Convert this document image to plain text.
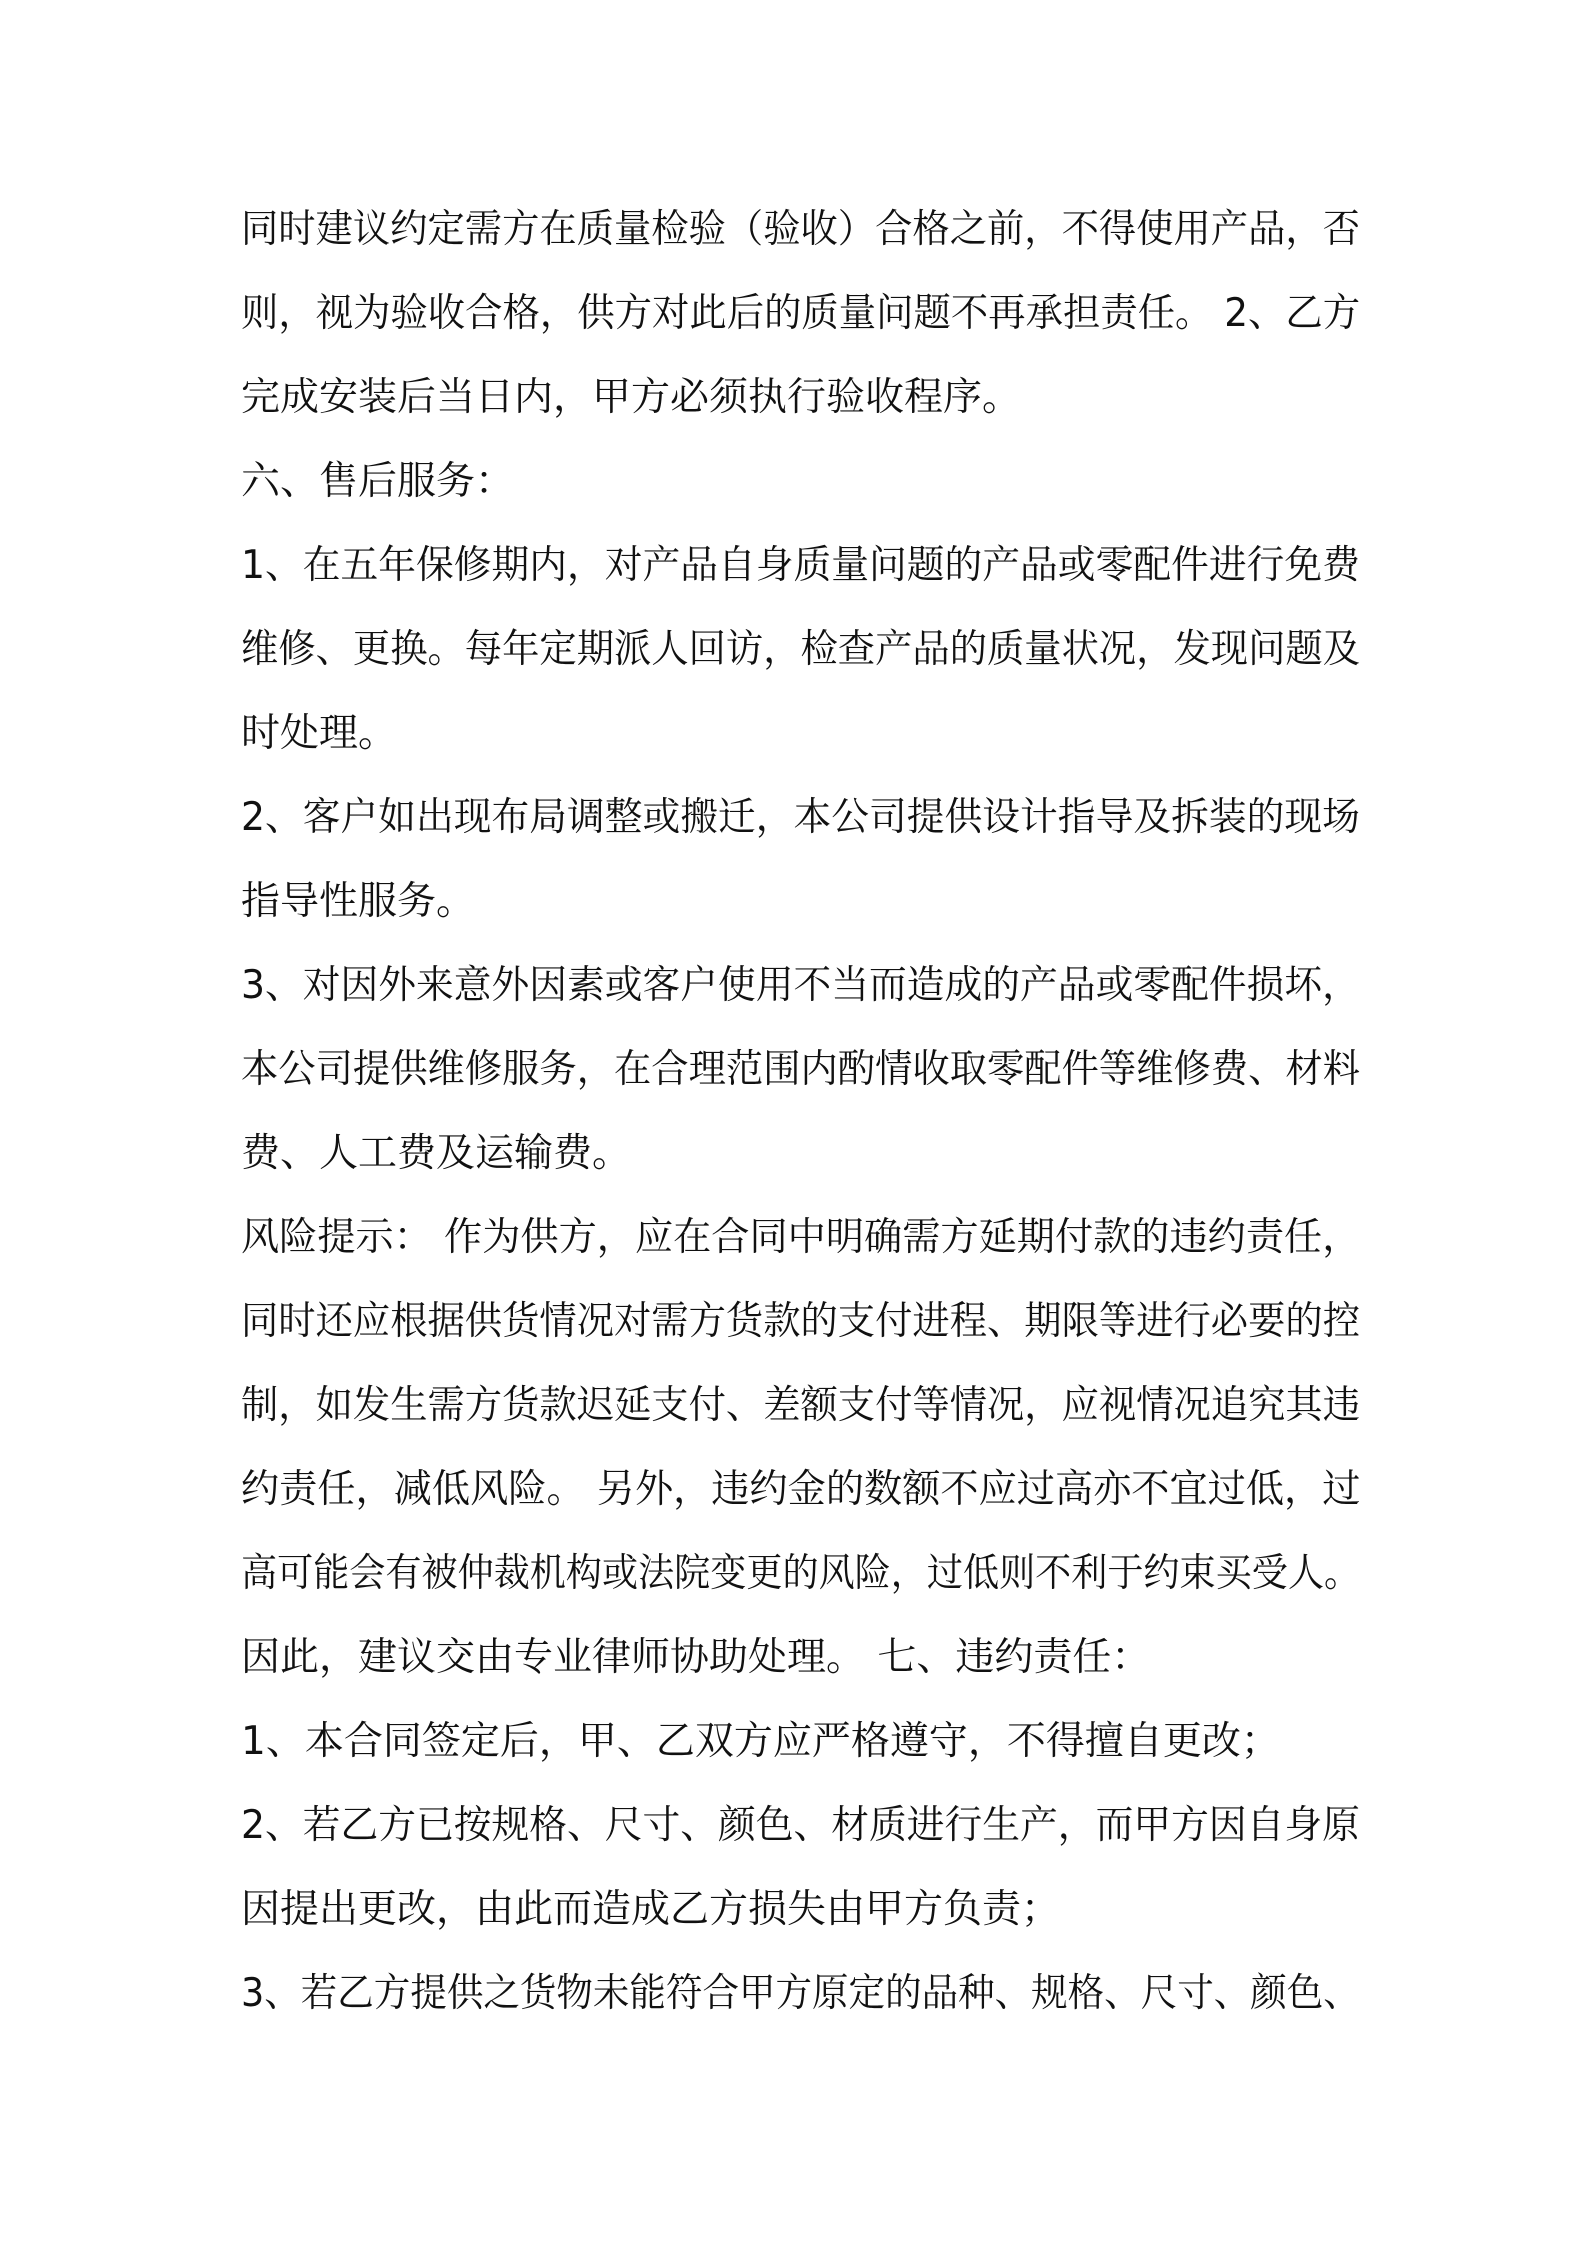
同时建议约定需方在质量检验（验收）合格之前，不得使用产品，否
则，视为验收合格，供方对此后的质量问题不再承担责任。 2、乙方
完成安装后当日内，甲方必须执行验收程序。
六、售后服务：
1、在五年保修期内，对产品自身质量问题的产品或零配件进行免费
维修、更换。每年定期派人回访，检查产品的质量状况，发现问题及
时处理。
2、客户如出现布局调整或搬迁，本公司提供设计指导及拆装的现场
指导性服务。
3、对因外来意外因素或客户使用不当而造成的产品或零配件损坏，
本公司提供维修服务，在合理范围内酌情收取零配件等维修费、材料
费、人工费及运输费。
风险提示： 作为供方，应在合同中明确需方延期付款的违约责任，
同时还应根据供货情况对需方货款的支付进程、期限等进行必要的控
制，如发生需方货款迟延支付、差额支付等情况，应视情况追究其违
约责任，减低风险。 另外，违约金的数额不应过高亦不宜过低，过
高可能会有被仲裁机构或法院变更的风险，过低则不利于约束买受人。
因此，建议交由专业律师协助处理。 七、违约责任：
1、本合同签定后，甲、乙双方应严格遵守，不得擅自更改；
2、若乙方已按规格、尺寸、颜色、材质进行生产，而甲方因自身原
因提出更改，由此而造成乙方损失由甲方负责；
3、若乙方提供之货物未能符合甲方原定的品种、规格、尺寸、颜色、
